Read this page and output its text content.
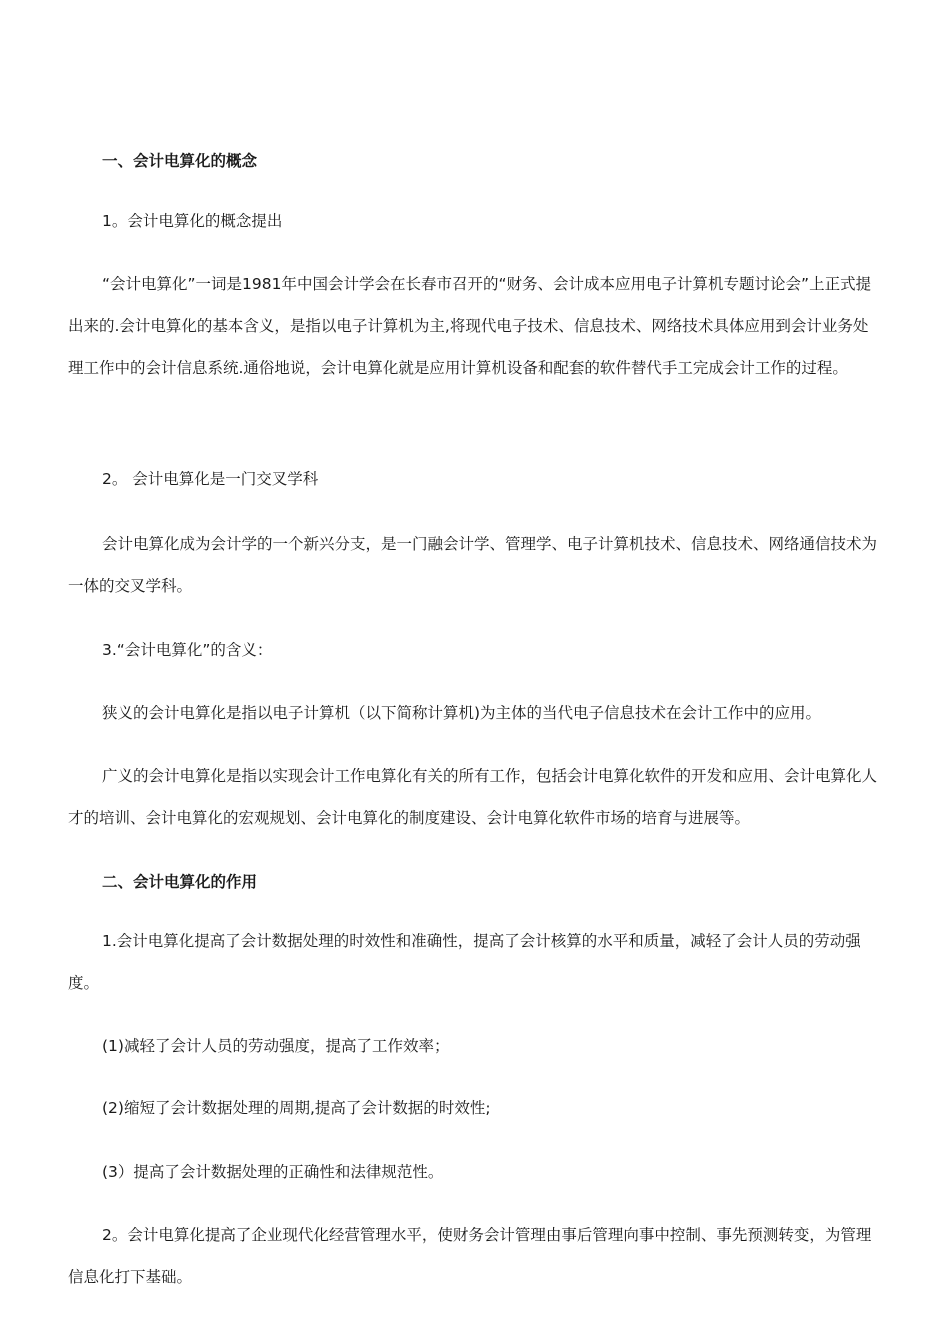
一、会计电算化的概念

1。会计电算化的概念提出

“会计电算化”一词是1981年中国会计学会在长春市召开的“财务、会计成本应用电子计算机专题讨论会”上正式提出来的.会计电算化的基本含义，是指以电子计算机为主,将现代电子技术、信息技术、网络技术具体应用到会计业务处理工作中的会计信息系统.通俗地说，会计电算化就是应用计算机设备和配套的软件替代手工完成会计工作的过程。

2。 会计电算化是一门交叉学科

会计电算化成为会计学的一个新兴分支，是一门融会计学、管理学、电子计算机技术、信息技术、网络通信技术为一体的交叉学科。

3.“会计电算化”的含义：

狭义的会计电算化是指以电子计算机（以下简称计算机)为主体的当代电子信息技术在会计工作中的应用。

广义的会计电算化是指以实现会计工作电算化有关的所有工作，包括会计电算化软件的开发和应用、会计电算化人才的培训、会计电算化的宏观规划、会计电算化的制度建设、会计电算化软件市场的培育与进展等。

二、会计电算化的作用

1.会计电算化提高了会计数据处理的时效性和准确性，提高了会计核算的水平和质量，减轻了会计人员的劳动强度。

(1)减轻了会计人员的劳动强度，提高了工作效率；

(2)缩短了会计数据处理的周期,提高了会计数据的时效性;

(3）提高了会计数据处理的正确性和法律规范性。

2。会计电算化提高了企业现代化经营管理水平，使财务会计管理由事后管理向事中控制、事先预测转变，为管理信息化打下基础。
